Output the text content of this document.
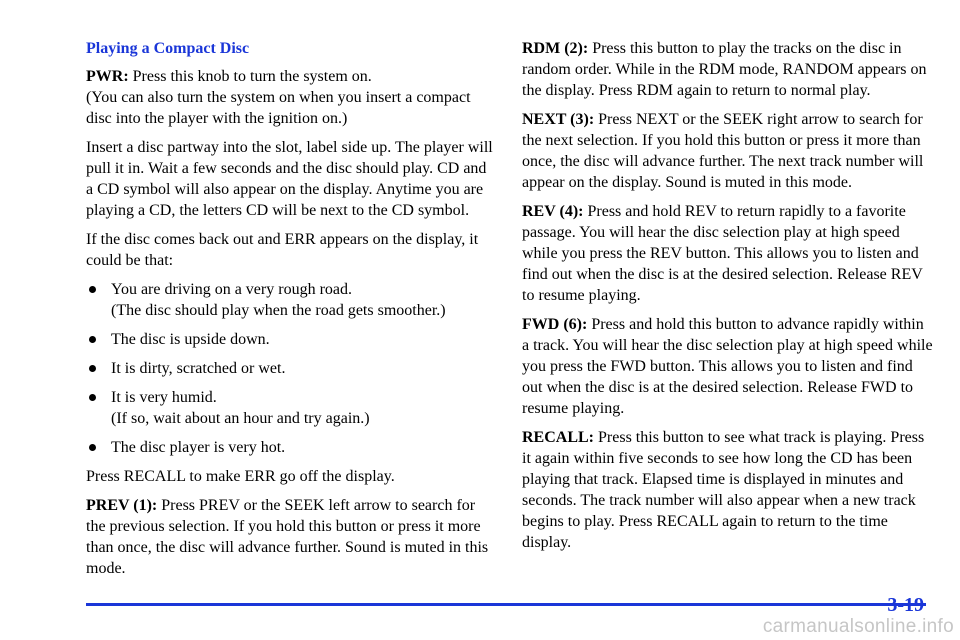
Playing a Compact Disc

PWR: Press this knob to turn the system on.
(You can also turn the system on when you insert a compact disc into the player with the ignition on.)

Insert a disc partway into the slot, label side up. The player will pull it in. Wait a few seconds and the disc should play. CD and a CD symbol will also appear on the display. Anytime you are playing a CD, the letters CD will be next to the CD symbol.

If the disc comes back out and ERR appears on the display, it could be that:

You are driving on a very rough road.
(The disc should play when the road gets smoother.)
The disc is upside down.
It is dirty, scratched or wet.
It is very humid.
(If so, wait about an hour and try again.)
The disc player is very hot.

Press RECALL to make ERR go off the display.

PREV (1): Press PREV or the SEEK left arrow to search for the previous selection. If you hold this button or press it more than once, the disc will advance further. Sound is muted in this mode.

RDM (2): Press this button to play the tracks on the disc in random order. While in the RDM mode, RANDOM appears on the display. Press RDM again to return to normal play.

NEXT (3): Press NEXT or the SEEK right arrow to search for the next selection. If you hold this button or press it more than once, the disc will advance further. The next track number will appear on the display. Sound is muted in this mode.

REV (4): Press and hold REV to return rapidly to a favorite passage. You will hear the disc selection play at high speed while you press the REV button. This allows you to listen and find out when the disc is at the desired selection. Release REV to resume playing.

FWD (6): Press and hold this button to advance rapidly within a track. You will hear the disc selection play at high speed while you press the FWD button. This allows you to listen and find out when the disc is at the desired selection. Release FWD to resume playing.

RECALL: Press this button to see what track is playing. Press it again within five seconds to see how long the CD has been playing that track. Elapsed time is displayed in minutes and seconds. The track number will also appear when a new track begins to play. Press RECALL again to return to the time display.

3-19
carmanualsonline.info
